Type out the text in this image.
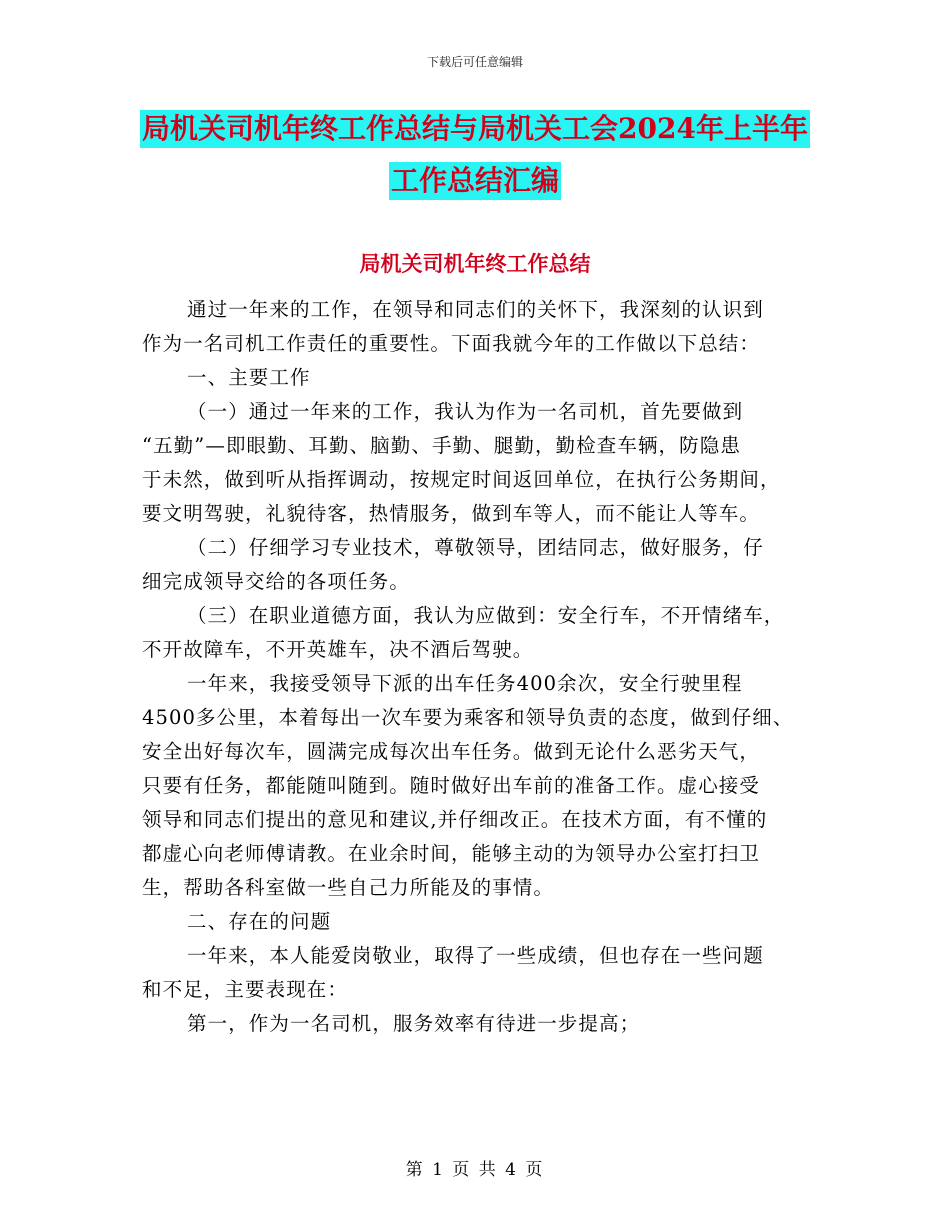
下载后可任意编辑
局机关司机年终工作总结与局机关工会2024年上半年
工作总结汇编
局机关司机年终工作总结

通过一年来的工作，在领导和同志们的关怀下，我深刻的认识到

作为一名司机工作责任的重要性。下面我就今年的工作做以下总结：

一、主要工作

（一）通过一年来的工作，我认为作为一名司机，首先要做到

“五勤”—即眼勤、耳勤、脑勤、手勤、腿勤，勤检查车辆，防隐患

于未然，做到听从指挥调动，按规定时间返回单位，在执行公务期间，

要文明驾驶，礼貌待客，热情服务，做到车等人，而不能让人等车。

（二）仔细学习专业技术，尊敬领导，团结同志，做好服务，仔

细完成领导交给的各项任务。

（三）在职业道德方面，我认为应做到：安全行车，不开情绪车，

不开故障车，不开英雄车，决不酒后驾驶。

一年来，我接受领导下派的出车任务400余次，安全行驶里程

4500多公里，本着每出一次车要为乘客和领导负责的态度，做到仔细、

安全出好每次车，圆满完成每次出车任务。做到无论什么恶劣天气，

只要有任务，都能随叫随到。随时做好出车前的准备工作。虚心接受

领导和同志们提出的意见和建议,并仔细改正。在技术方面，有不懂的

都虚心向老师傅请教。在业余时间，能够主动的为领导办公室打扫卫

生，帮助各科室做一些自己力所能及的事情。

二、存在的问题

一年来，本人能爱岗敬业，取得了一些成绩，但也存在一些问题

和不足，主要表现在：

第一，作为一名司机，服务效率有待进一步提高；

第 1 页 共 4 页
